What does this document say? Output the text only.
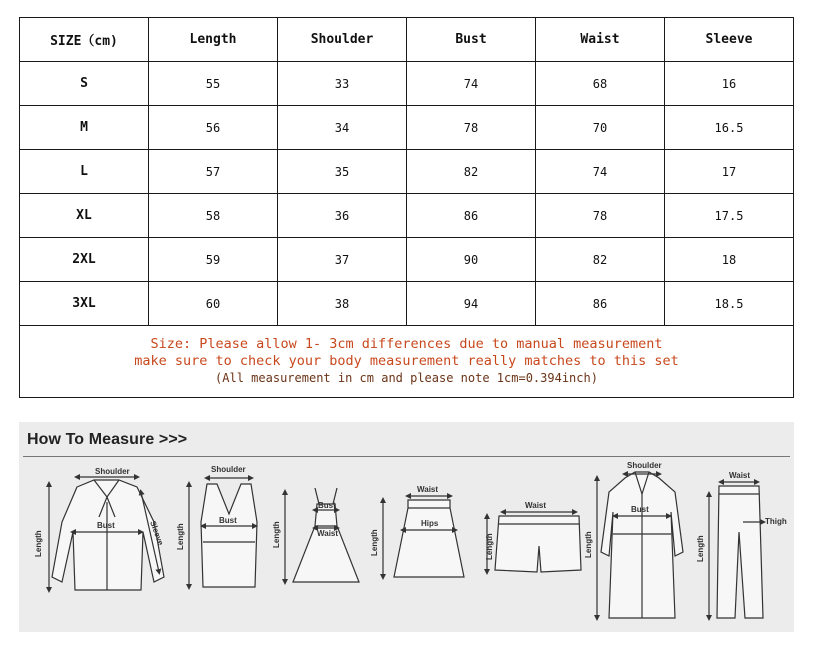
SIZE（cm)	Length	Shoulder	Bust	Waist	Sleeve
S	55	33	74	68	16
M	56	34	78	70	16.5
L	57	35	82	74	17
XL	58	36	86	78	17.5
2XL	59	37	90	82	18
3XL	60	38	94	86	18.5

Size: Please allow 1- 3cm differences due to manual measurement
make sure to check your body measurement really matches to this set
(All measurement in cm and please note 1cm=0.394inch)					
How To Measure >>>
Shoulder
Bust
Length	Sleeve
Shoulder
Bust
Length
Bust
Waist
Length
Waist
Hips
Length
Waist
Length
Shoulder
Bust
Length
Waist
Thigh
Length
